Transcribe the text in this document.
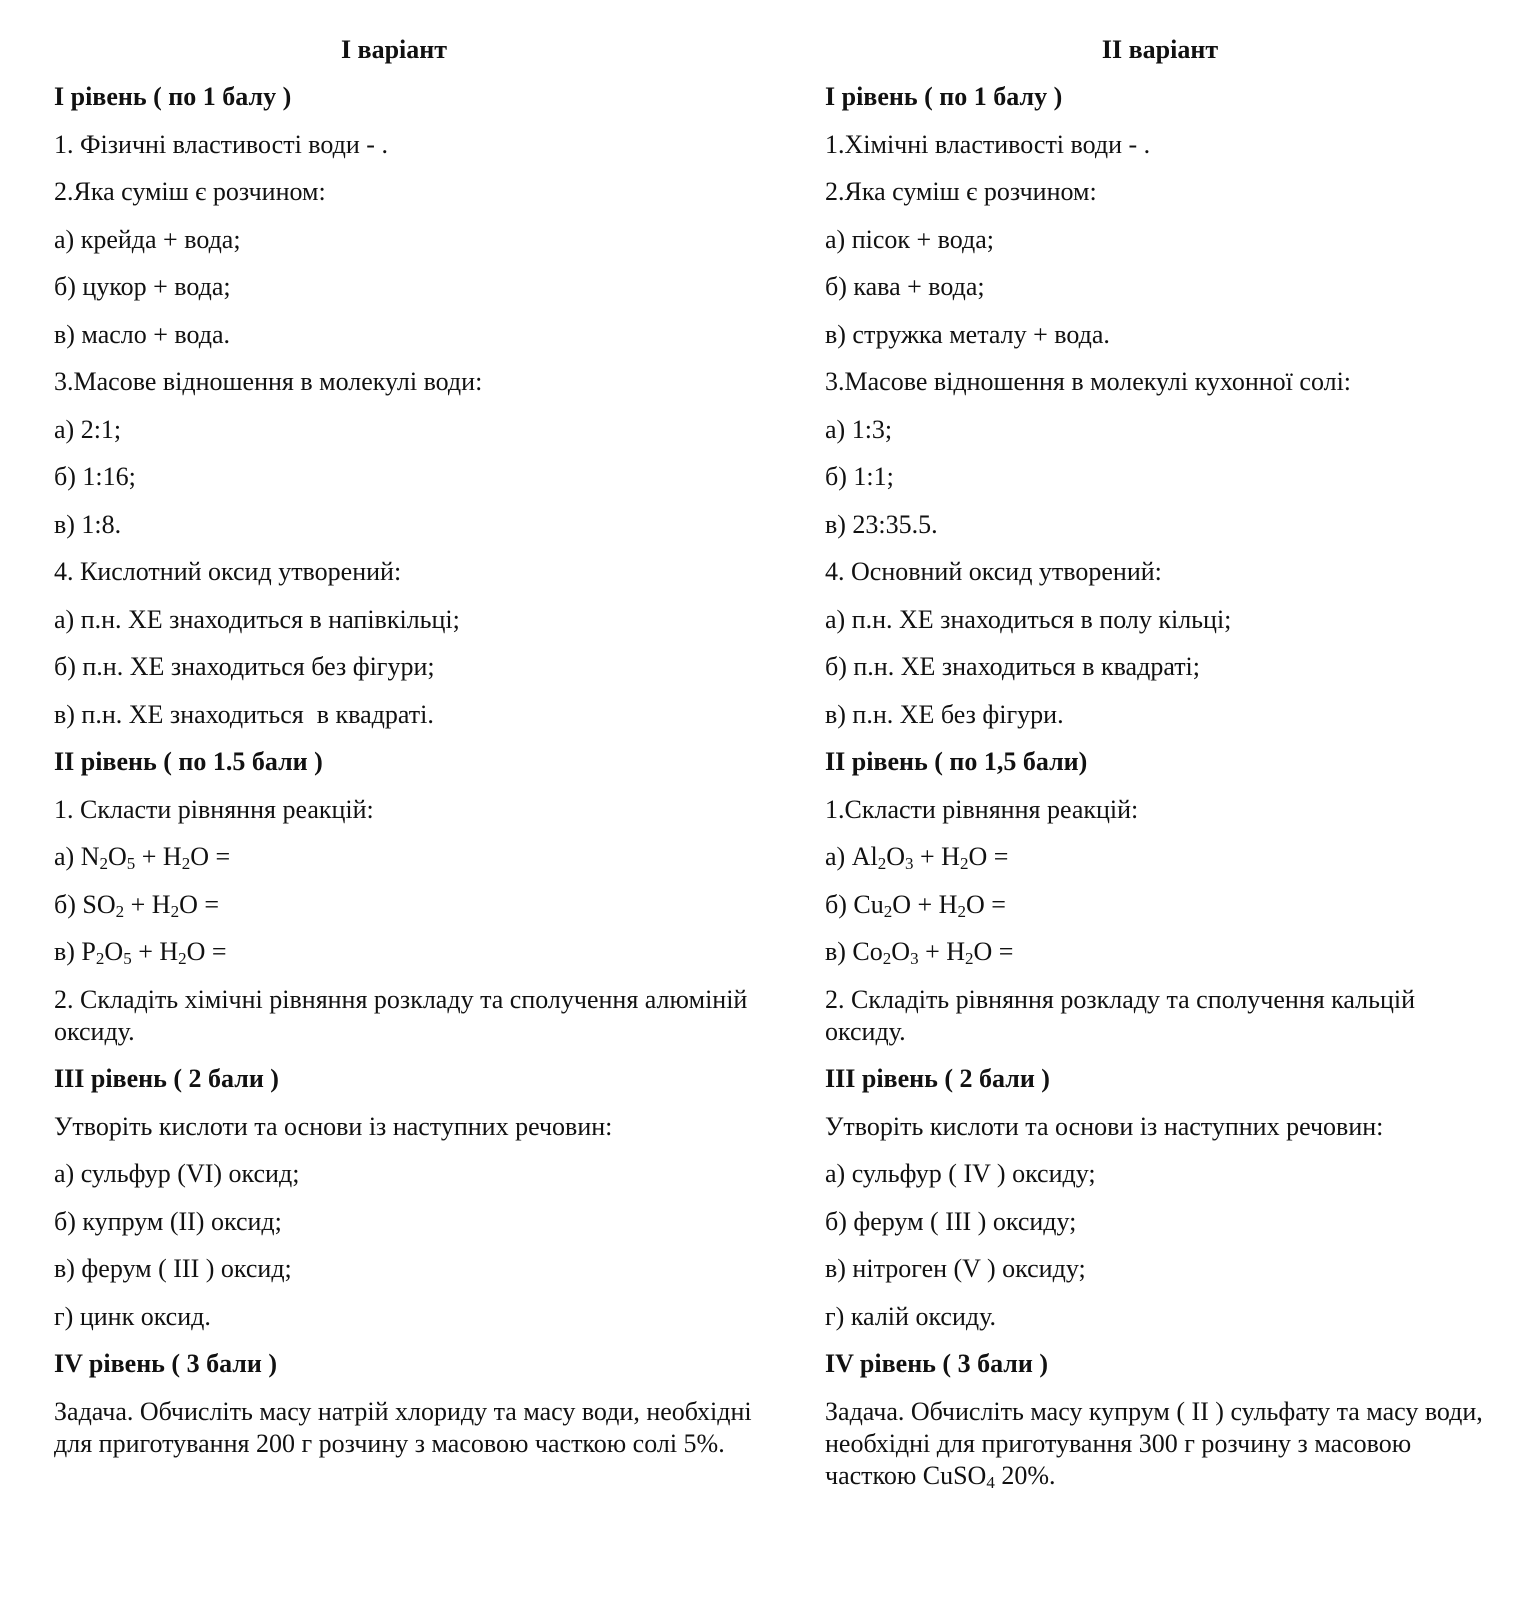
I варіант
I рівень ( по 1 балу )
1. Фізичні властивості води - .
2.Яка суміш є розчином:
а) крейда + вода;
б) цукор + вода;
в) масло + вода.
3.Масове відношення в молекулі води:
а) 2:1;
б) 1:16;
в) 1:8.
4. Кислотний оксид утворений:
а) п.н. ХЕ знаходиться в напівкільці;
б) п.н. ХЕ знаходиться без фігури;
в) п.н. ХЕ знаходиться  в квадраті.
II рівень ( по 1.5 бали )
1. Скласти рівняння реакцій:
а) $N_2O_5 + H_2O$ =
б) $SO_2 + H_2O$ =
в) $P_2O_5 + H_2O$ =
2. Складіть хімічні рівняння розкладу та сполучення алюміній оксиду.
III рівень ( 2 бали )
Утворіть кислоти та основи із наступних речовин:
а) сульфур (VI) оксид;
б) купрум (II) оксид;
в) ферум ( III ) оксид;
г) цинк оксид.
IV рівень ( 3 бали )
Задача. Обчисліть масу натрій хлориду та масу води, необхідні для приготування 200 г розчину з масовою часткою солі 5%.
II варіант
I рівень ( по 1 балу )
1.Хімічні властивості води - .
2.Яка суміш є розчином:
а) пісок + вода;
б) кава + вода;
в) стружка металу + вода.
3.Масове відношення в молекулі кухонної солі:
а) 1:3;
б) 1:1;
в) 23:35.5.
4. Основний оксид утворений:
а) п.н. ХЕ знаходиться в полу кільці;
б) п.н. ХЕ знаходиться в квадраті;
в) п.н. ХЕ без фігури.
II рівень ( по 1,5 бали)
1.Скласти рівняння реакцій:
а) $Al_2O_3 + H_2O$ =
б) $Cu_2O + H_2O$ =
в) $Co_2O_3 + H_2O$ =
2. Складіть рівняння розкладу та сполучення кальцій оксиду.
III рівень ( 2 бали )
Утворіть кислоти та основи із наступних речовин:
а) сульфур ( IV ) оксиду;
б) ферум ( III ) оксиду;
в) нітроген (V ) оксиду;
г) калій оксиду.
IV рівень ( 3 бали )
Задача. Обчисліть масу купрум ( II ) сульфату та масу води, необхідні для приготування 300 г розчину з масовою часткою CuSO$_4$ 20%.
